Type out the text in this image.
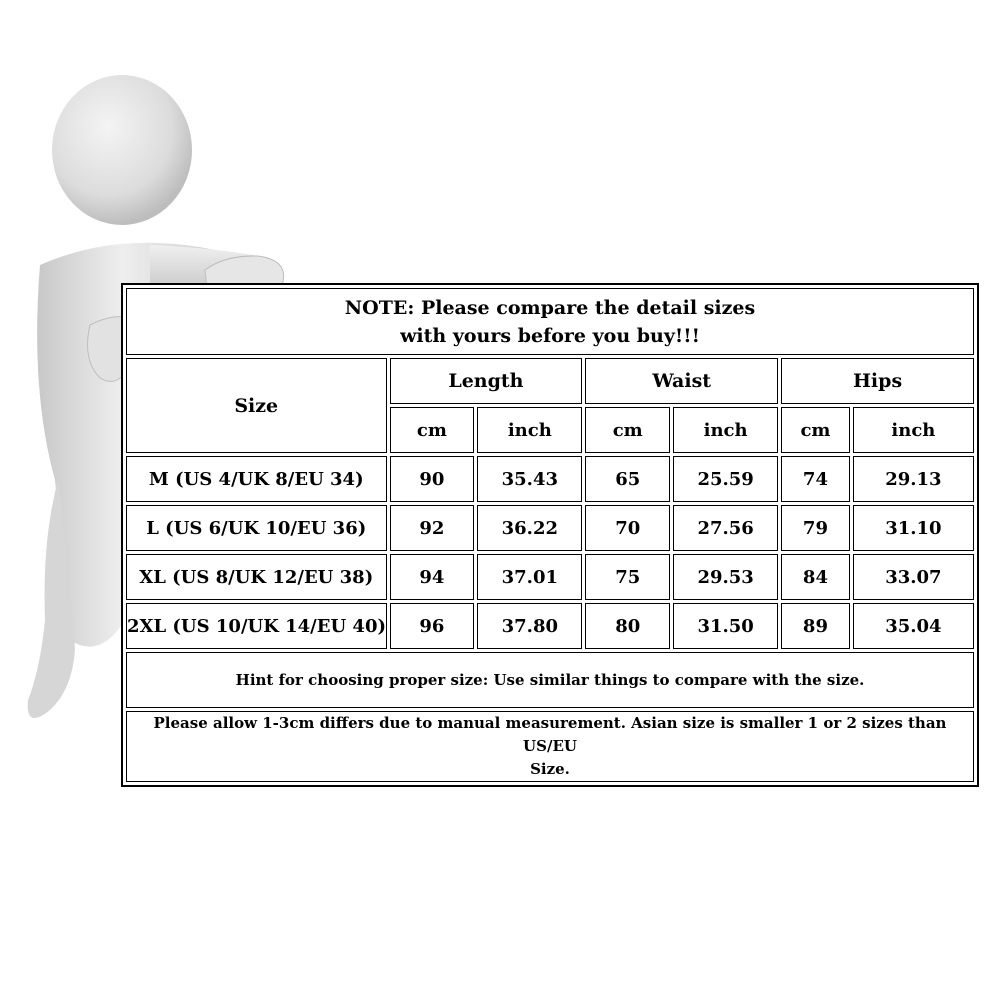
NOTE: Please compare the detail sizes
with yours before you buy!!!						

Size	Length		Waist		Hips	
	cm	inch	cm	inch	cm	inch
M (US 4/UK 8/EU 34)	90	35.43	65	25.59	74	29.13
L (US 6/UK 10/EU 36)	92	36.22	70	27.56	79	31.10
XL (US 8/UK 12/EU 38)	94	37.01	75	29.53	84	33.07
2XL (US 10/UK 14/EU 40)	96	37.80	80	31.50	89	35.04
Hint for choosing proper size: Use similar things to compare with the size.						

Please allow 1-3cm differs due to manual measurement. Asian size is smaller 1 or 2 sizes than US/EU
Size.						
